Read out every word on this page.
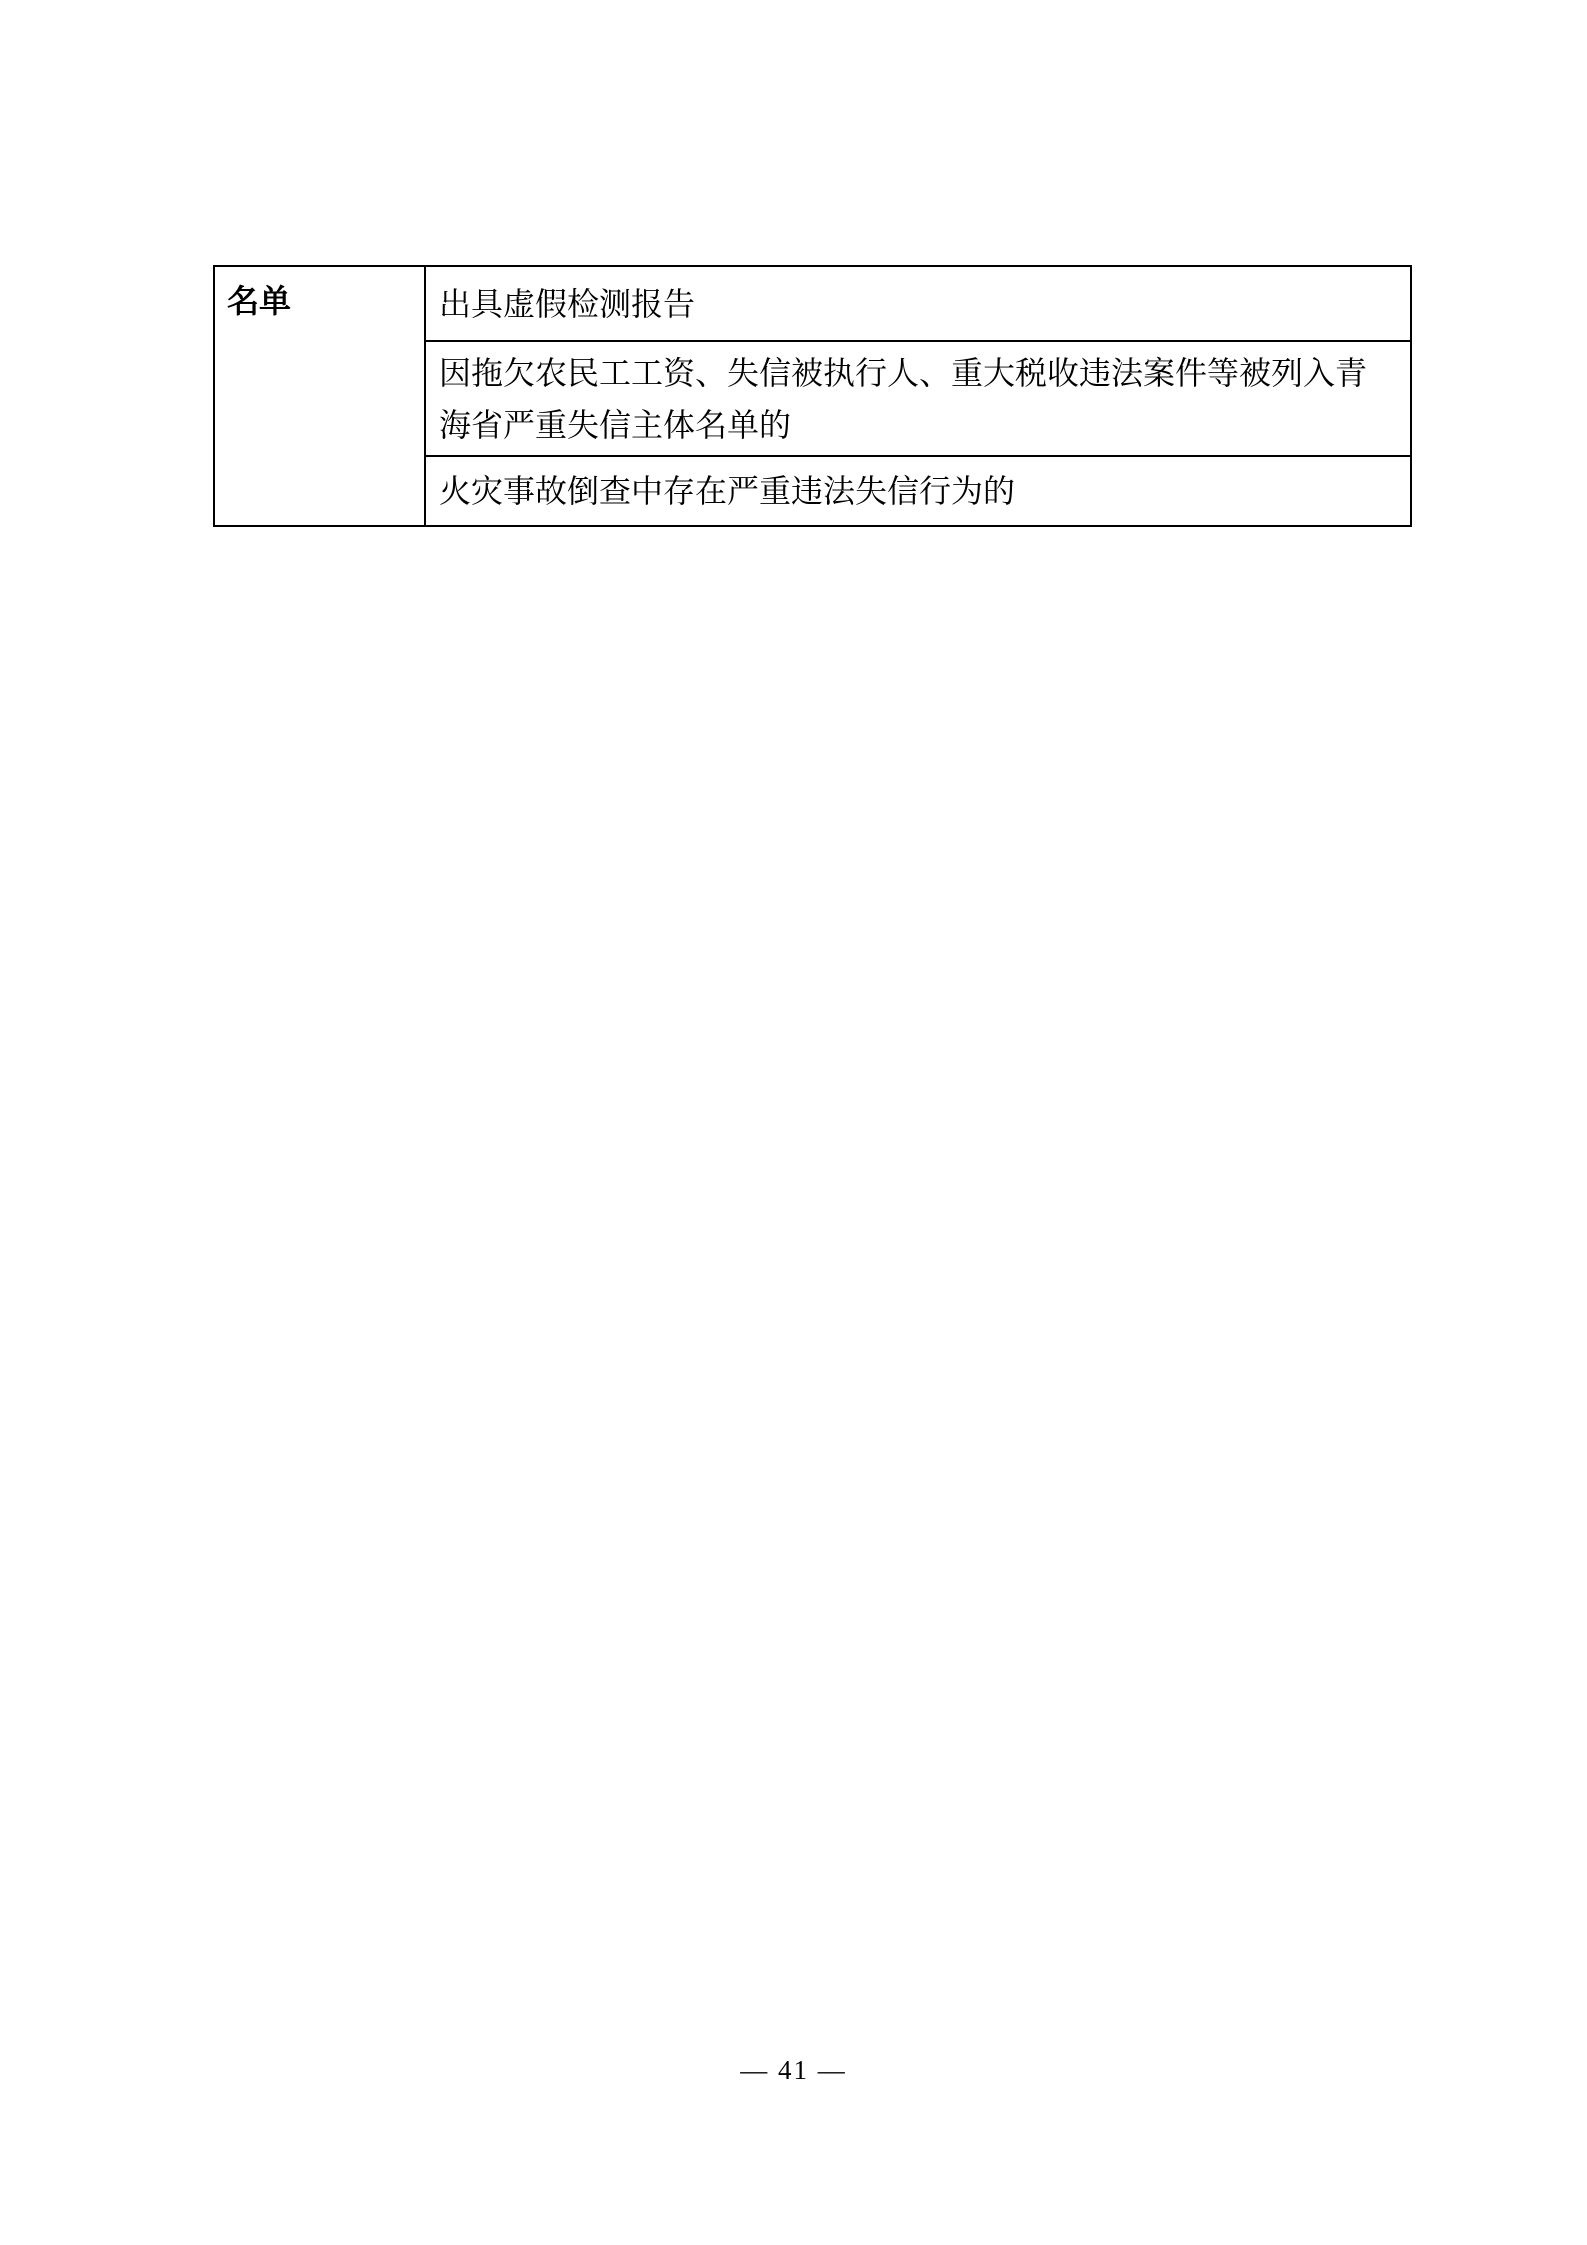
名单	出具虚假检测报告
因拖欠农民工工资、失信被执行人、重大税收违法案件等被列入青海省严重失信主体名单的
火灾事故倒查中存在严重违法失信行为的
— 41 —
